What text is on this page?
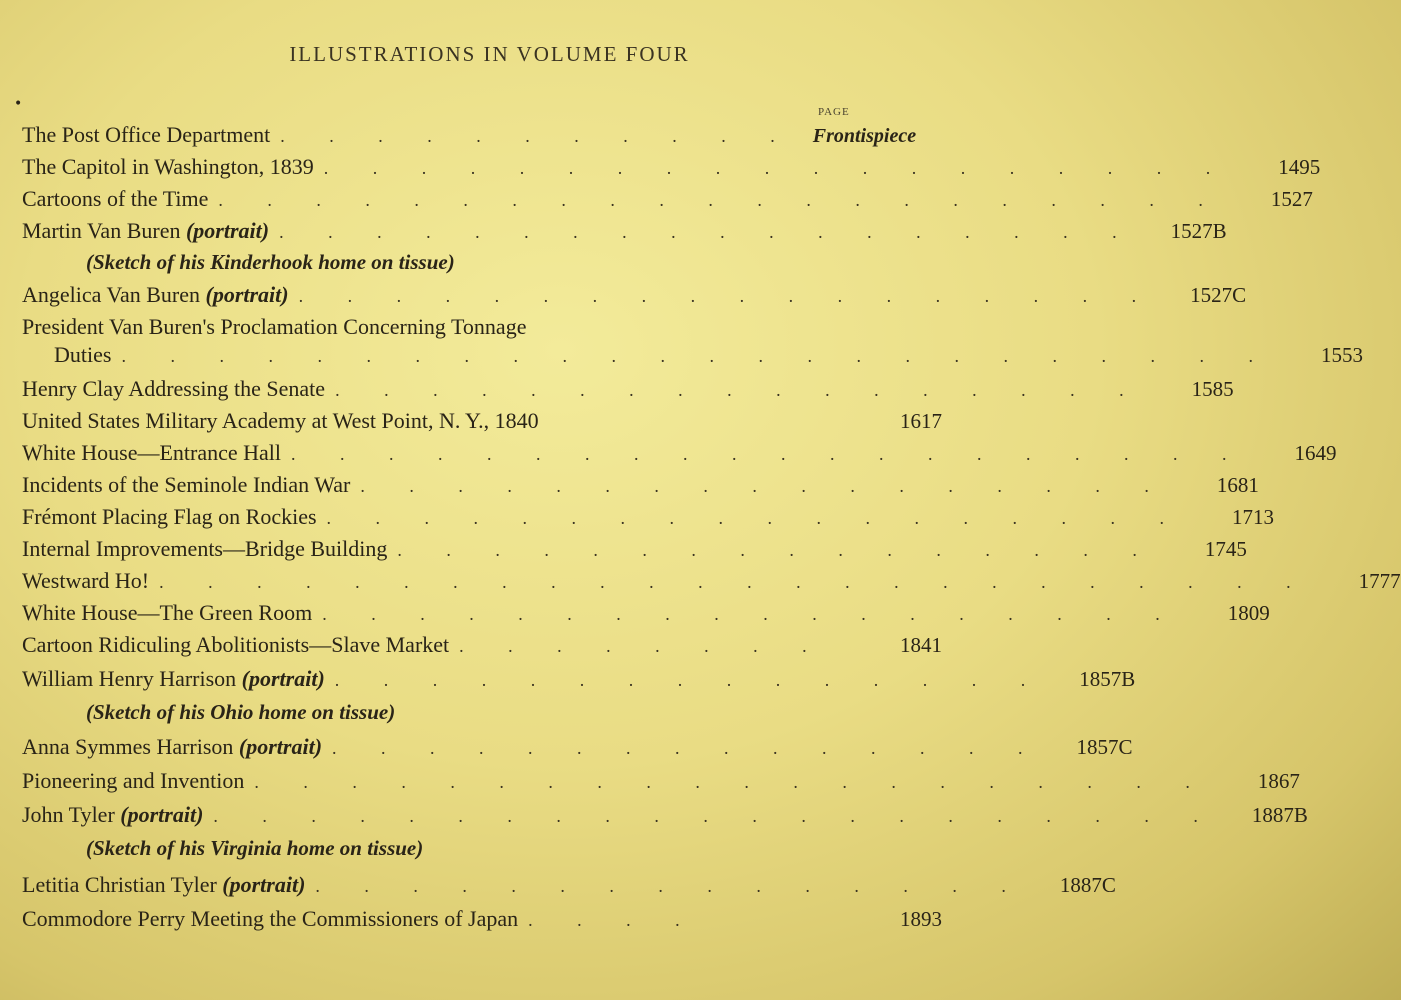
ILLUSTRATIONS IN VOLUME FOUR
•	PAGE
The Post Office Department . . . . . . . . . . . Frontispiece
The Capitol in Washington, 1839 . . . . . . . . . . . . . . . . . . .	1495
Cartoons of the Time . . . . . . . . . . . . . . . . . . . . .	1527
Martin Van Buren (portrait) . . . . . . . . . . . . . . . . . .	1527B
(Sketch of his Kinderhook home on tissue)
Angelica Van Buren (portrait) . . . . . . . . . . . . . . . . . .	1527C
President Van Buren's Proclamation Concerning Tonnage
Duties . . . . . . . . . . . . . . . . . . . . . . . .	1553
Henry Clay Addressing the Senate . . . . . . . . . . . . . . . . .	1585
United States Military Academy at West Point, N. Y., 1840	1617
White House—Entrance Hall . . . . . . . . . . . . . . . . . . . .	1649
Incidents of the Seminole Indian War . . . . . . . . . . . . . . . . .	1681
Frémont Placing Flag on Rockies . . . . . . . . . . . . . . . . . .	1713
Internal Improvements—Bridge Building . . . . . . . . . . . . . . . .	1745
Westward Ho! . . . . . . . . . . . . . . . . . . . . . . . .	1777
White House—The Green Room . . . . . . . . . . . . . . . . . .	1809
Cartoon Ridiculing Abolitionists—Slave Market . . . . . . . .	1841
William Henry Harrison (portrait) . . . . . . . . . . . . . . .	1857B
(Sketch of his Ohio home on tissue)
Anna Symmes Harrison (portrait) . . . . . . . . . . . . . . .	1857C
Pioneering and Invention . . . . . . . . . . . . . . . . . . . .	1867
John Tyler (portrait) . . . . . . . . . . . . . . . . . . . . .	1887B
(Sketch of his Virginia home on tissue)
Letitia Christian Tyler (portrait) . . . . . . . . . . . . . . .	1887C
Commodore Perry Meeting the Commissioners of Japan . . . .	1893
